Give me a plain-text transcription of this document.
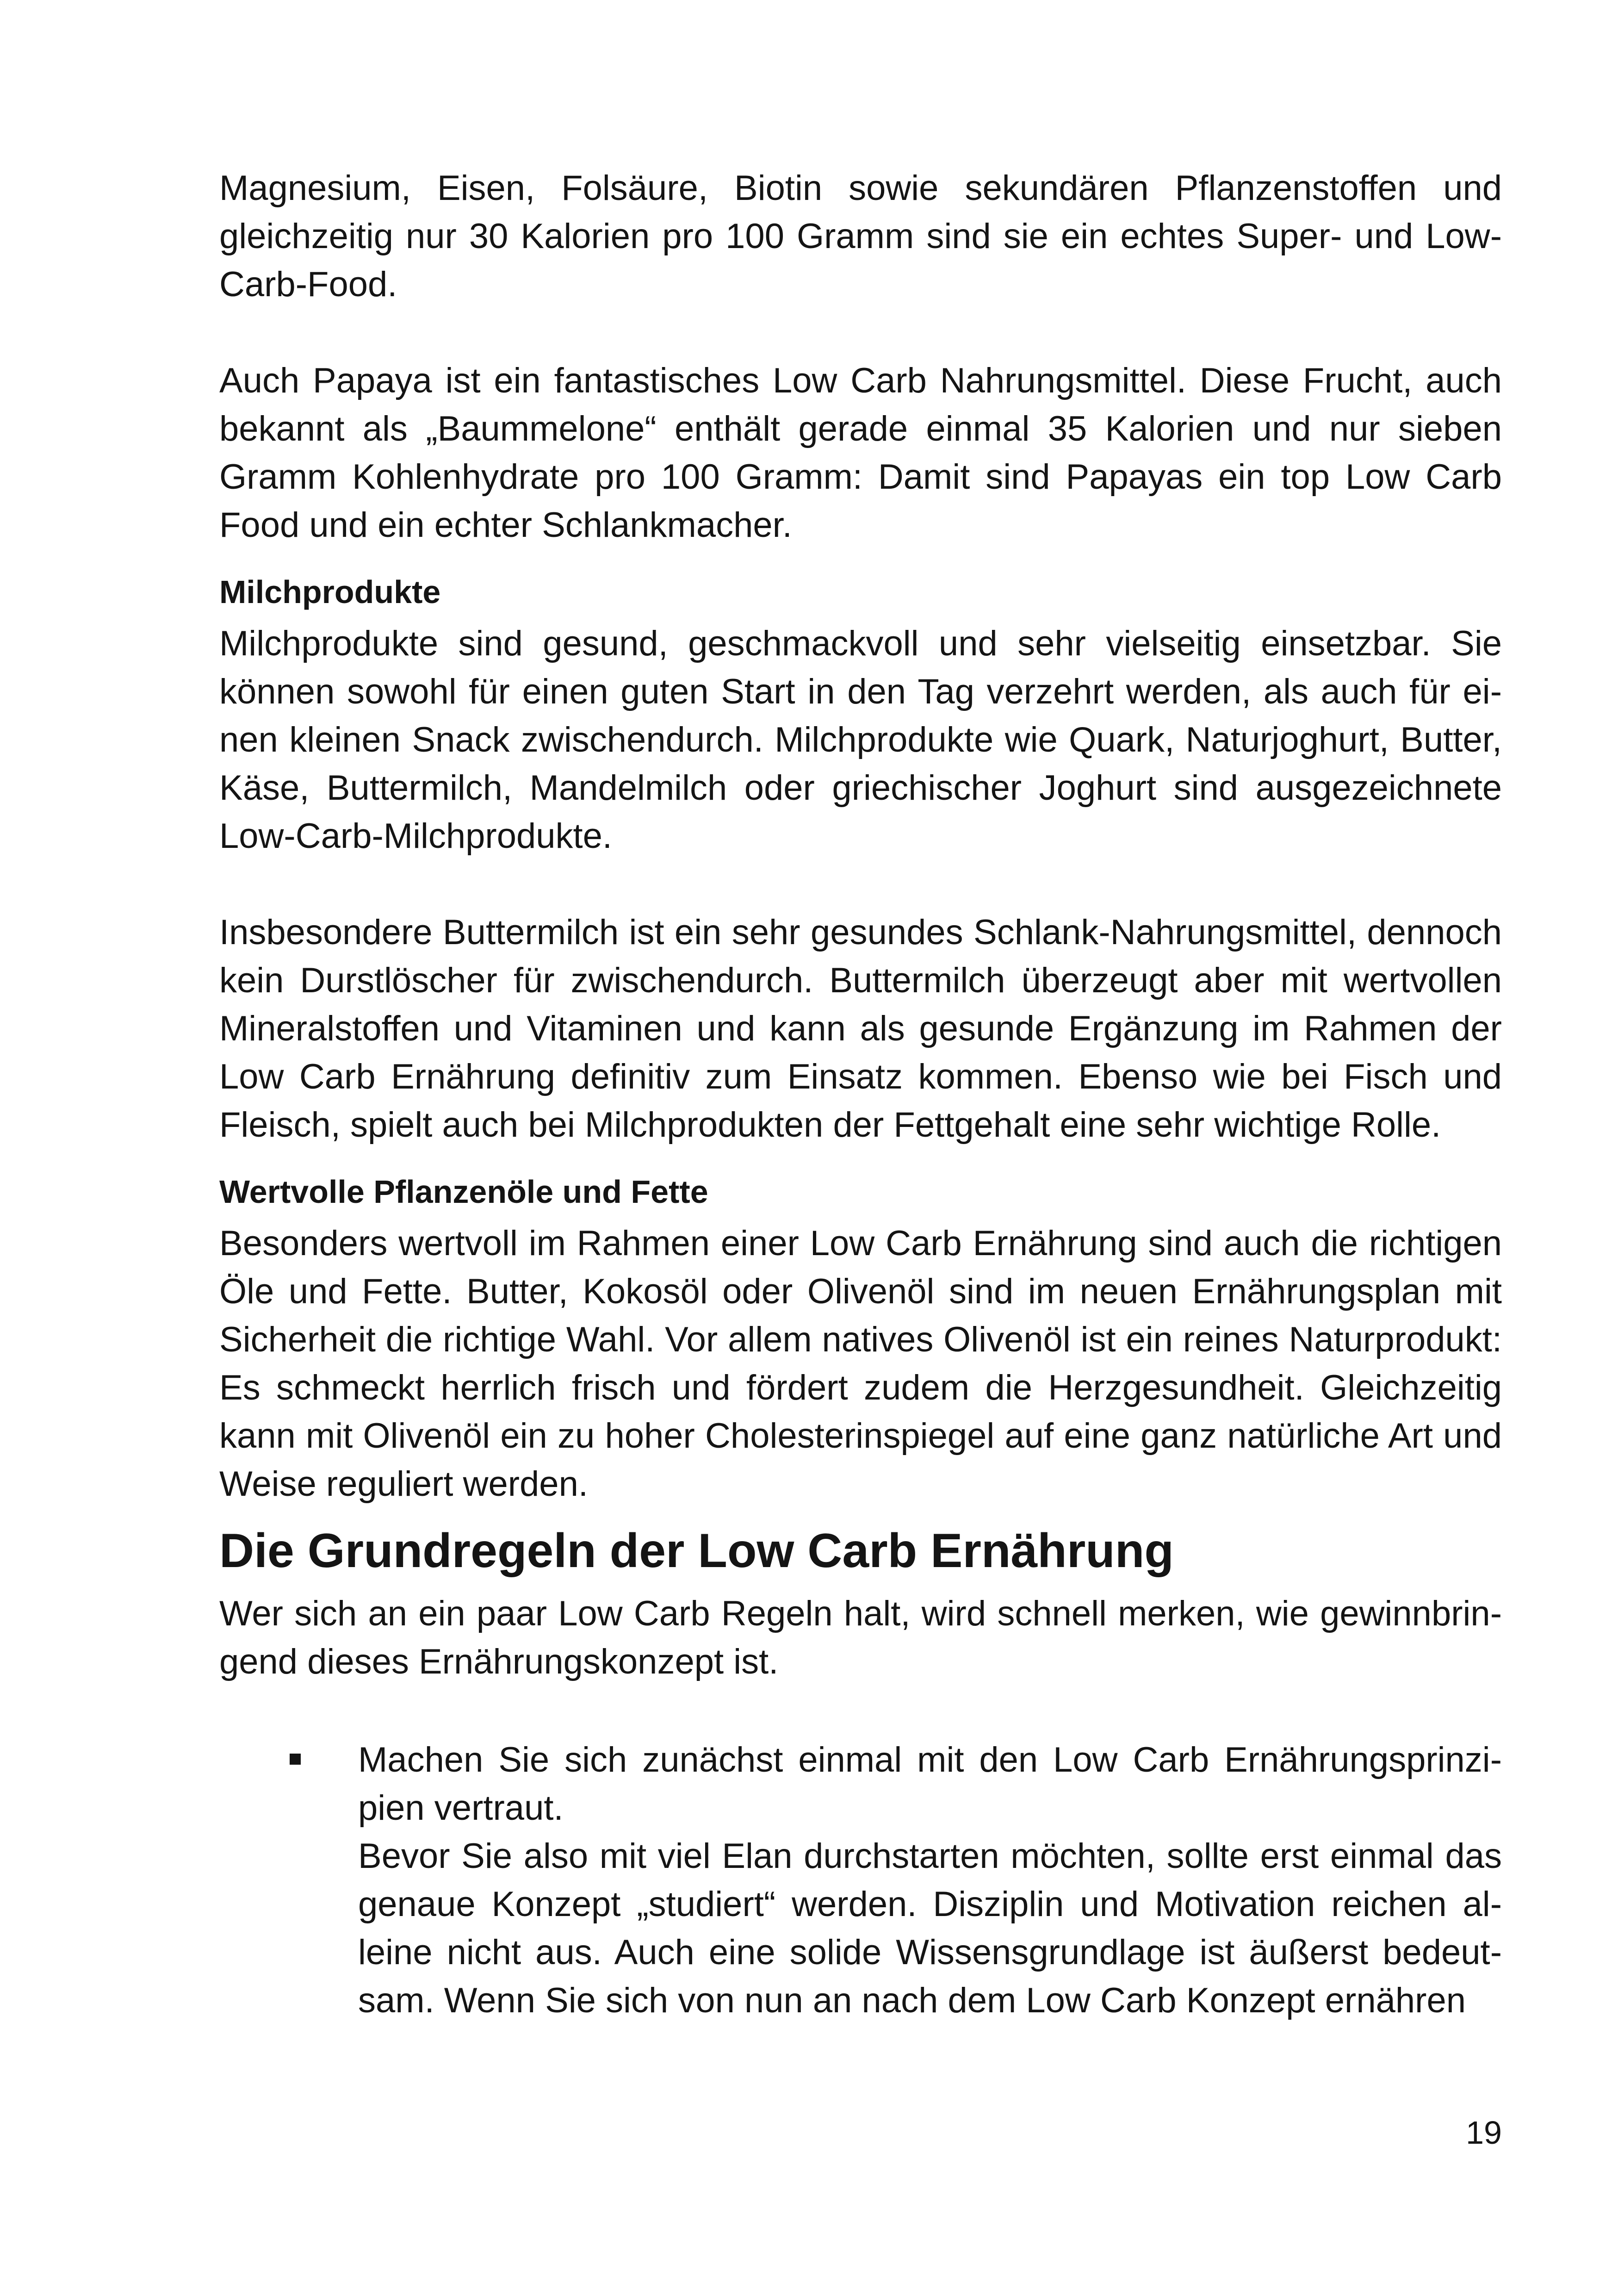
Magnesium, Eisen, Folsäure, Biotin sowie sekundären Pflanzenstoffen und gleichzeitig nur 30 Kalorien pro 100 Gramm sind sie ein echtes Super- und Low-Carb-Food.

Auch Papaya ist ein fantastisches Low Carb Nahrungsmittel. Diese Frucht, auch bekannt als „Baummelone“ enthält gerade einmal 35 Kalorien und nur sieben Gramm Kohlenhydrate pro 100 Gramm: Damit sind Papayas ein top Low Carb Food und ein echter Schlankmacher.

Milchprodukte

Milchprodukte sind gesund, geschmackvoll und sehr vielseitig einsetzbar. Sie können sowohl für einen guten Start in den Tag verzehrt werden, als auch für einen kleinen Snack zwischendurch. Milchprodukte wie Quark, Naturjoghurt, Butter, Käse, Buttermilch, Mandelmilch oder griechischer Joghurt sind ausgezeichnete Low-Carb-Milchprodukte.

Insbesondere Buttermilch ist ein sehr gesundes Schlank-Nahrungsmittel, dennoch kein Durstlöscher für zwischendurch. Buttermilch überzeugt aber mit wertvollen Mineralstoffen und Vitaminen und kann als gesunde Ergänzung im Rahmen der Low Carb Ernährung definitiv zum Einsatz kommen. Ebenso wie bei Fisch und Fleisch, spielt auch bei Milchprodukten der Fettgehalt eine sehr wichtige Rolle.

Wertvolle Pflanzenöle und Fette

Besonders wertvoll im Rahmen einer Low Carb Ernährung sind auch die richtigen Öle und Fette. Butter, Kokosöl oder Olivenöl sind im neuen Ernährungsplan mit Sicherheit die richtige Wahl. Vor allem natives Olivenöl ist ein reines Naturprodukt: Es schmeckt herrlich frisch und fördert zudem die Herzgesundheit. Gleichzeitig kann mit Olivenöl ein zu hoher Cholesterinspiegel auf eine ganz natürliche Art und Weise reguliert werden.

Die Grundregeln der Low Carb Ernährung

Wer sich an ein paar Low Carb Regeln halt, wird schnell merken, wie gewinnbringend dieses Ernährungskonzept ist.

Machen Sie sich zunächst einmal mit den Low Carb Ernährungsprinzipien vertraut.

Bevor Sie also mit viel Elan durchstarten möchten, sollte erst einmal das genaue Konzept „studiert“ werden. Disziplin und Motivation reichen alleine nicht aus. Auch eine solide Wissensgrundlage ist äußerst bedeutsam. Wenn Sie sich von nun an nach dem Low Carb Konzept ernähren

19
